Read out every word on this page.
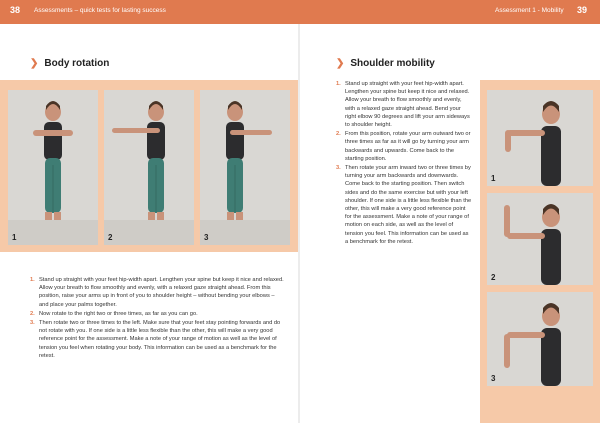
38 Assessments – quick tests for lasting success	Assessment 1 - Mobility 39
❯ Body rotation
1	2	3
1. Stand up straight with your feet hip-width apart. Lengthen your spine but keep it nice and relaxed. Allow your breath to flow smoothly and evenly, with a relaxed gaze straight ahead. From this position, raise your arms up in front of you to shoulder height – without bending your elbows – and place your palms together.
2. Now rotate to the right two or three times, as far as you can go.
3. Then rotate two or three times to the left. Make sure that your feet stay pointing forwards and do not rotate with you. If one side is a little less flexible than the other, this will make a very good reference point for the assessment. Make a note of your range of motion as well as the level of tension you feel when rotating your body. This information can be used as a benchmark for the retest.
❯ Shoulder mobility
1. Stand up straight with your feet hip-width apart. Lengthen your spine but keep it nice and relaxed. Allow your breath to flow smoothly and evenly, with a relaxed gaze straight ahead. Bend your right elbow 90 degrees and lift your arm sideways to shoulder height.
2. From this position, rotate your arm outward two or three times as far as it will go by turning your arm backwards and upwards. Come back to the starting position.
3. Then rotate your arm inward two or three times by turning your arm backwards and downwards. Come back to the starting position. Then switch sides and do the same exercise but with your left shoulder. If one side is a little less flexible than the other, this will make a very good reference point for the assessment. Make a note of your range of motion on each side, as well as the level of tension you feel. This information can be used as a benchmark for the retest.
1
2
3
